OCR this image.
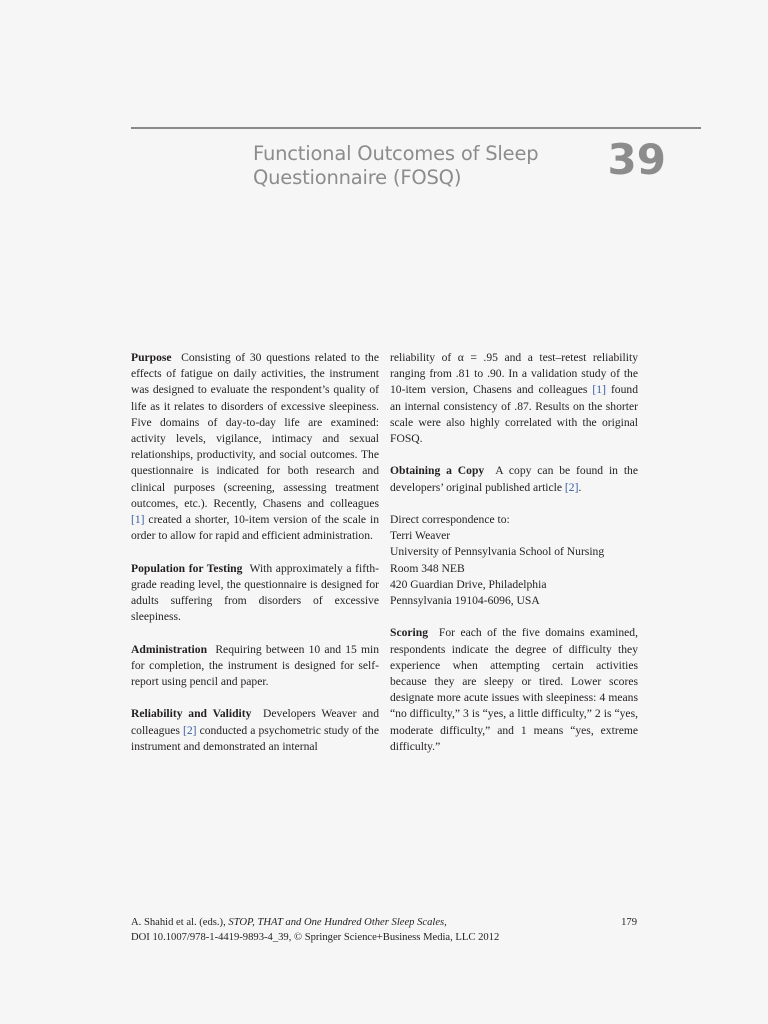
Functional Outcomes of Sleep
Questionnaire (FOSQ)	39

Purpose Consisting of 30 questions related to the effects of fatigue on daily activities, the instrument was designed to evaluate the respondent’s quality of life as it relates to disorders of excessive sleepiness. Five domains of day-to-day life are examined: activity levels, vigilance, intimacy and sexual relationships, productivity, and social outcomes. The questionnaire is indicated for both research and clinical purposes (screening, assessing treatment outcomes, etc.). Recently, Chasens and colleagues [1] created a shorter, 10-item version of the scale in order to allow for rapid and efficient administration.

Population for Testing With approximately a fifth-grade reading level, the questionnaire is designed for adults suffering from disorders of excessive sleepiness.

Administration Requiring between 10 and 15 min for completion, the instrument is designed for self-report using pencil and paper.

Reliability and Validity Developers Weaver and colleagues [2] conducted a psychometric study of the instrument and demonstrated an internal

reliability of α = .95 and a test–retest reliability ranging from .81 to .90. In a validation study of the 10-item version, Chasens and colleagues [1] found an internal consistency of .87. Results on the shorter scale were also highly correlated with the original FOSQ.

Obtaining a Copy A copy can be found in the developers’ original published article [2].

Direct correspondence to:
Terri Weaver
University of Pennsylvania School of Nursing
Room 348 NEB
420 Guardian Drive, Philadelphia
Pennsylvania 19104-6096, USA

Scoring For each of the five domains examined, respondents indicate the degree of difficulty they experience when attempting certain activities because they are sleepy or tired. Lower scores designate more acute issues with sleepiness: 4 means “no difficulty,” 3 is “yes, a little difficulty,” 2 is “yes, moderate difficulty,” and 1 means “yes, extreme difficulty.”

A. Shahid et al. (eds.), STOP, THAT and One Hundred Other Sleep Scales,
DOI 10.1007/978-1-4419-9893-4_39, © Springer Science+Business Media, LLC 2012
179
